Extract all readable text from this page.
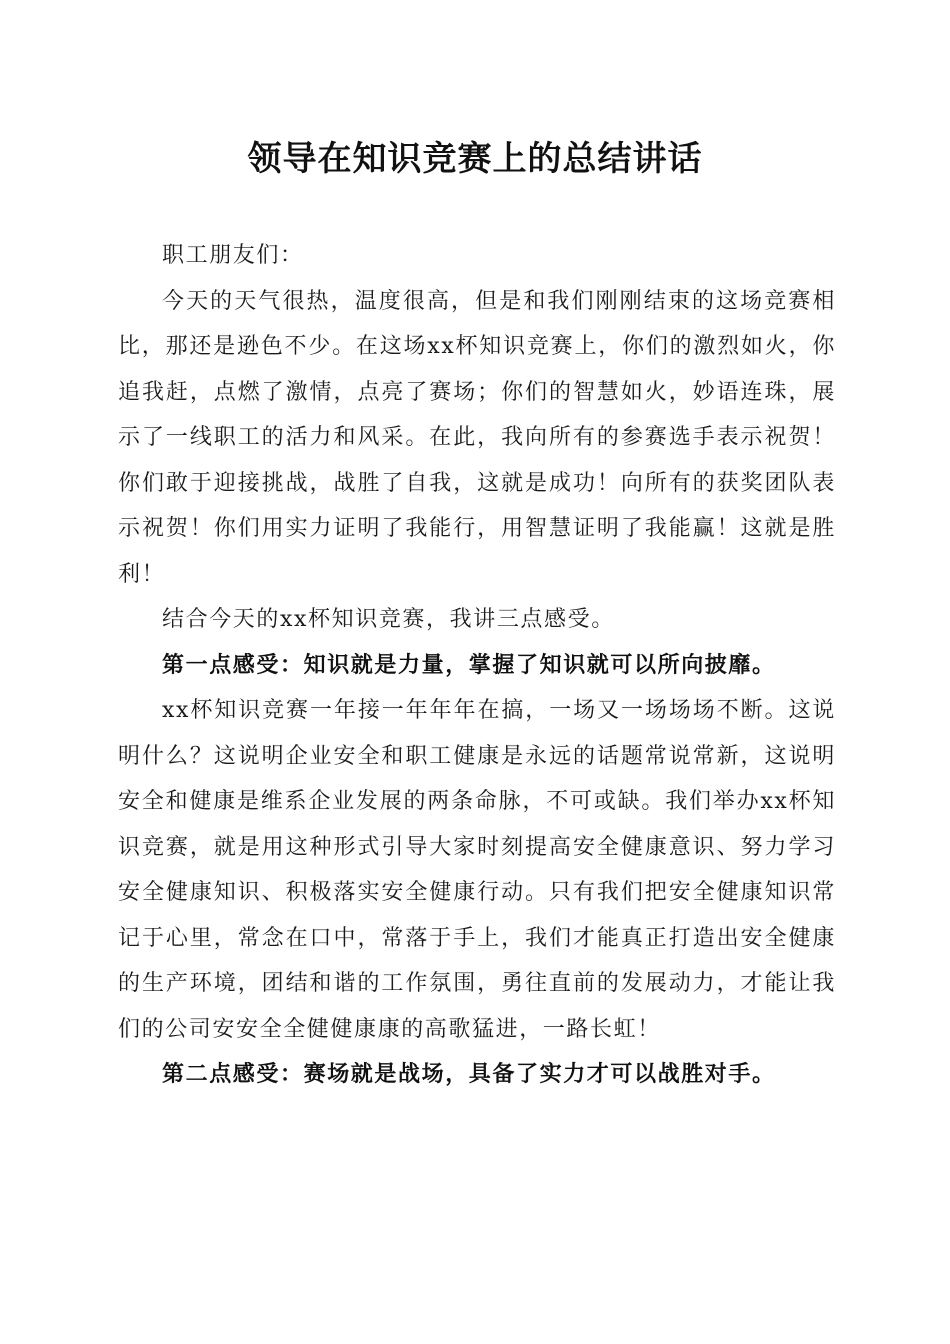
领导在知识竞赛上的总结讲话

职工朋友们：

今天的天气很热，温度很高，但是和我们刚刚结束的这场竞赛相比，那还是逊色不少。在这场xx杯知识竞赛上，你们的激烈如火，你追我赶，点燃了激情，点亮了赛场；你们的智慧如火，妙语连珠，展示了一线职工的活力和风采。在此，我向所有的参赛选手表示祝贺！你们敢于迎接挑战，战胜了自我，这就是成功！向所有的获奖团队表示祝贺！你们用实力证明了我能行，用智慧证明了我能赢！这就是胜利！

结合今天的xx杯知识竞赛，我讲三点感受。

第一点感受：知识就是力量，掌握了知识就可以所向披靡。

xx杯知识竞赛一年接一年年年在搞，一场又一场场场不断。这说明什么？这说明企业安全和职工健康是永远的话题常说常新，这说明安全和健康是维系企业发展的两条命脉，不可或缺。我们举办xx杯知识竞赛，就是用这种形式引导大家时刻提高安全健康意识、努力学习安全健康知识、积极落实安全健康行动。只有我们把安全健康知识常记于心里，常念在口中，常落于手上，我们才能真正打造出安全健康的生产环境，团结和谐的工作氛围，勇往直前的发展动力，才能让我们的公司安安全全健健康康的高歌猛进，一路长虹！

第二点感受：赛场就是战场，具备了实力才可以战胜对手。
